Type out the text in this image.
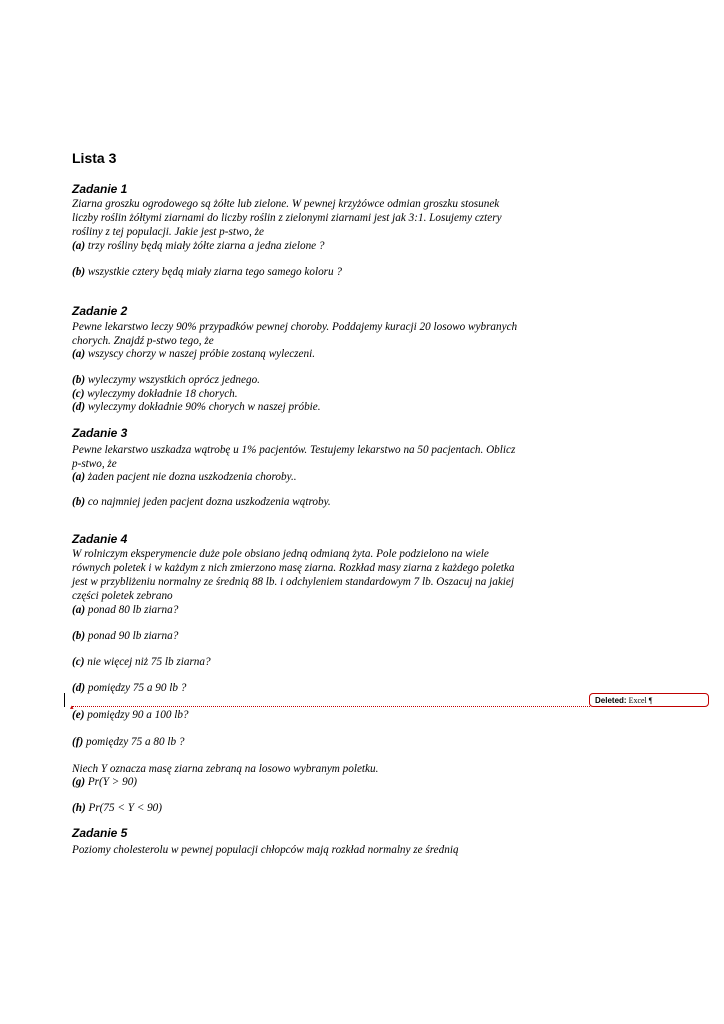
Lista 3
Zadanie 1
Ziarna groszku ogrodowego są żółte lub zielone. W pewnej krzyżówce odmian groszku stosunek
liczby roślin żółtymi ziarnami do liczby roślin z zielonymi ziarnami jest jak 3:1. Losujemy cztery
rośliny z tej populacji. Jakie jest p-stwo, że
(a) trzy rośliny będą miały żółte ziarna a jedna zielone ?
(b) wszystkie cztery będą miały ziarna tego samego koloru ?
Zadanie 2
Pewne lekarstwo leczy 90% przypadków pewnej choroby. Poddajemy kuracji 20 losowo wybranych
chorych. Znajdź p-stwo tego, że
(a) wszyscy chorzy w naszej próbie zostaną wyleczeni.
(b) wyleczymy wszystkich oprócz jednego.
(c) wyleczymy dokładnie 18 chorych.
(d) wyleczymy dokładnie 90% chorych w naszej próbie.
Zadanie 3
Pewne lekarstwo uszkadza wątrobę u 1% pacjentów. Testujemy lekarstwo na 50 pacjentach. Oblicz
p-stwo, że
(a) żaden pacjent nie dozna uszkodzenia choroby..
(b) co najmniej jeden pacjent dozna uszkodzenia wątroby.
Zadanie 4
W rolniczym eksperymencie duże pole obsiano jedną odmianą żyta. Pole podzielono na wiele
równych poletek i w każdym z nich zmierzono masę ziarna. Rozkład masy ziarna z każdego poletka
jest w przybliżeniu normalny ze średnią 88 lb. i odchyleniem standardowym 7 lb. Oszacuj na jakiej
części poletek zebrano
(a) ponad 80 lb ziarna?
(b) ponad 90 lb ziarna?
(c) nie więcej niż 75 lb ziarna?
(d) pomiędzy 75 a 90 lb ?
▴
Deleted: Excel ¶
(e) pomiędzy 90 a 100 lb?
(f) pomiędzy 75 a 80 lb ?
Niech Y oznacza masę ziarna zebraną na losowo wybranym poletku.
(g) Pr(Y > 90)
(h) Pr(75 < Y < 90)
Zadanie 5
Poziomy cholesterolu w pewnej populacji chłopców mają rozkład normalny ze średnią
